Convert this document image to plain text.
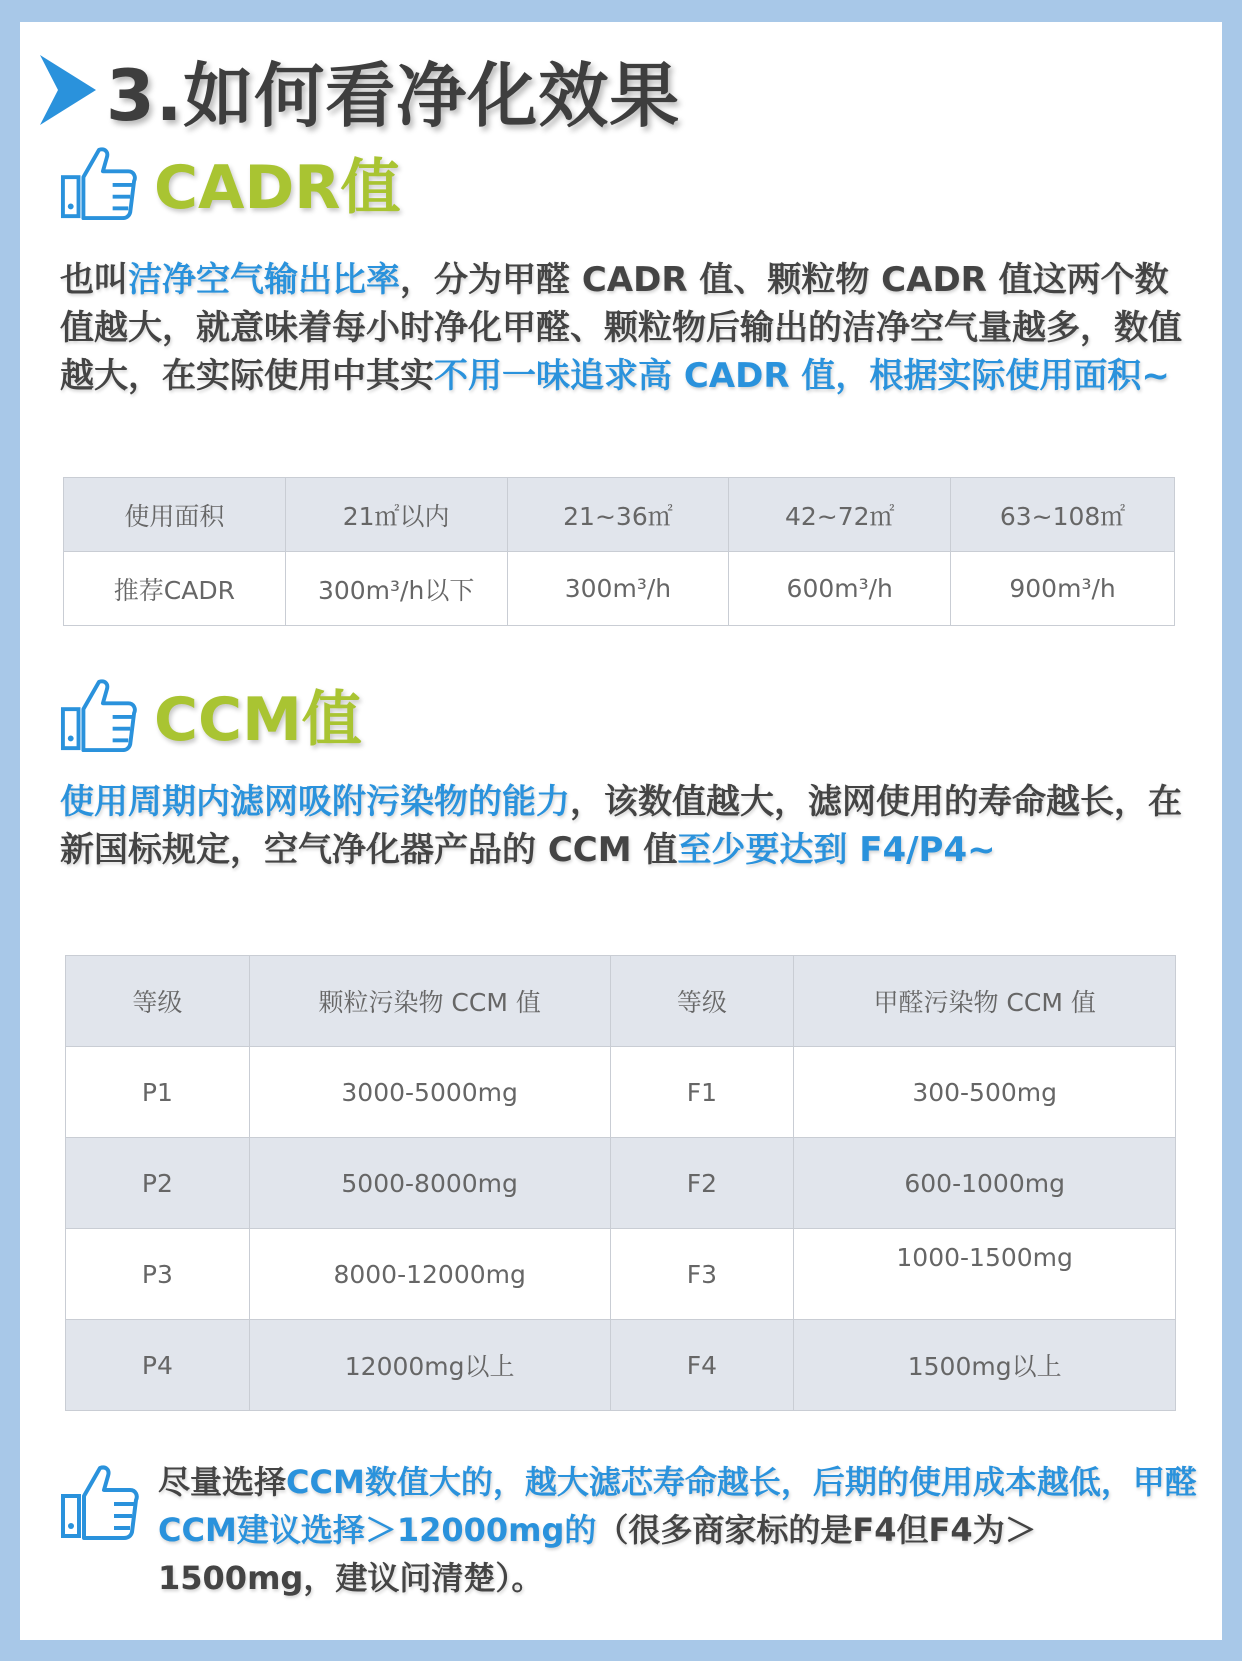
3.如何看净化效果
CADR值
也叫洁净空气输出比率，分为甲醛 CADR 值、颗粒物 CADR 值这两个数值越大，就意味着每小时净化甲醛、颗粒物后输出的洁净空气量越多，数值越大，在实际使用中其实不用一味追求高 CADR 值，根据实际使用面积~
使用面积	21㎡以内	21~36㎡	42~72㎡	63~108㎡
推荐CADR	300m³/h以下	300m³/h	600m³/h	900m³/h
CCM值
使用周期内滤网吸附污染物的能力，该数值越大，滤网使用的寿命越长，在新国标规定，空气净化器产品的 CCM 值至少要达到 F4/P4~
等级	颗粒污染物 CCM 值	等级	甲醛污染物 CCM 值
P1	3000-5000mg	F1	300-500mg
P2	5000-8000mg	F2	600-1000mg
P3	8000-12000mg	F3	1000-1500mg
P4	12000mg以上	F4	1500mg以上
尽量选择CCM数值大的，越大滤芯寿命越长，后期的使用成本越低，甲醛CCM建议选择＞12000mg的（很多商家标的是F4但F4为＞1500mg，建议问清楚）。
